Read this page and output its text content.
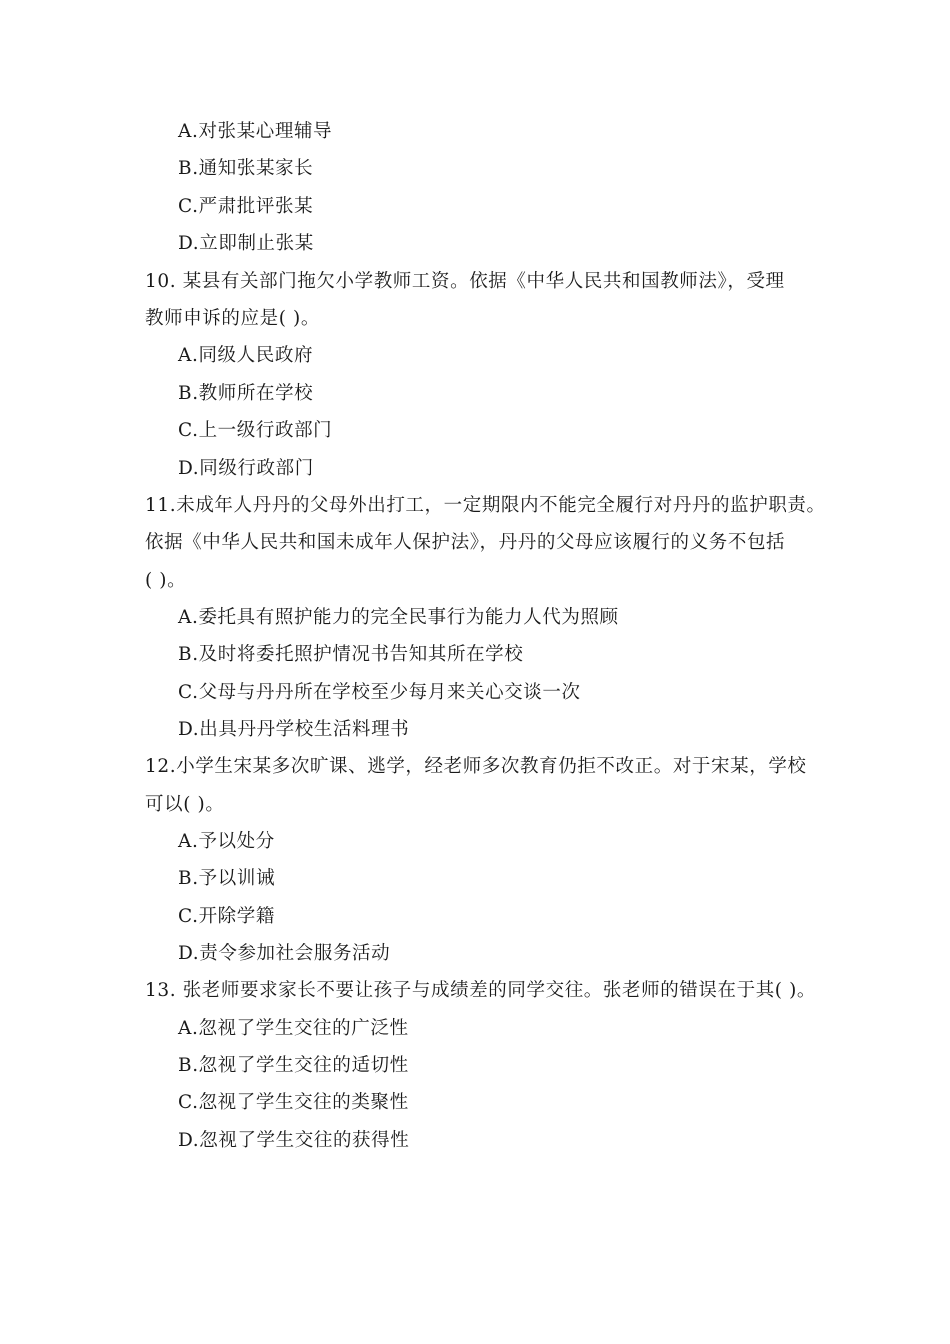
A.对张某心理辅导
B.通知张某家长
C.严肃批评张某
D.立即制止张某
10. 某县有关部门拖欠小学教师工资。依据《中华人民共和国教师法》，受理
教师申诉的应是( )。
A.同级人民政府
B.教师所在学校
C.上一级行政部门
D.同级行政部门
11.未成年人丹丹的父母外出打工，一定期限内不能完全履行对丹丹的监护职责。
依据《中华人民共和国未成年人保护法》，丹丹的父母应该履行的义务不包括
( )。
A.委托具有照护能力的完全民事行为能力人代为照顾
B.及时将委托照护情况书告知其所在学校
C.父母与丹丹所在学校至少每月来关心交谈一次
D.出具丹丹学校生活料理书
12.小学生宋某多次旷课、逃学，经老师多次教育仍拒不改正。对于宋某，学校
可以( )。
A.予以处分
B.予以训诫
C.开除学籍
D.责令参加社会服务活动
13. 张老师要求家长不要让孩子与成绩差的同学交往。张老师的错误在于其( )。
A.忽视了学生交往的广泛性
B.忽视了学生交往的适切性
C.忽视了学生交往的类聚性
D.忽视了学生交往的获得性
